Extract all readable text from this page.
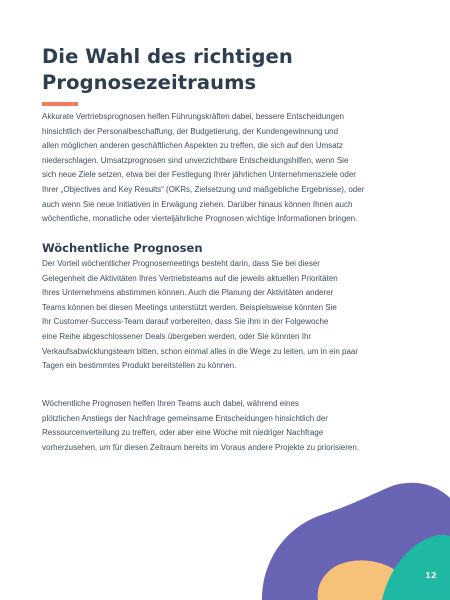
Die Wahl des richtigen
Prognosezeitraums
Akkurate Vertriebsprognosen helfen Führungskräften dabei, bessere Entscheidungen
hinsichtlich der Personalbeschaffung, der Budgetierung, der Kundengewinnung und
allen möglichen anderen geschäftlichen Aspekten zu treffen, die sich auf den Umsatz
niederschlagen. Umsatzprognosen sind unverzichtbare Entscheidungshilfen, wenn Sie
sich neue Ziele setzen, etwa bei der Festlegung Ihrer jährlichen Unternehmensziele oder
Ihrer „Objectives and Key Results“ (OKRs, Zielsetzung und maßgebliche Ergebnisse), oder
auch wenn Sie neue Initiativen in Erwägung ziehen. Darüber hinaus können Ihnen auch
wöchentliche, monatliche oder vierteljährliche Prognosen wichtige Informationen bringen.
Wöchentliche Prognosen
Der Vorteil wöchentlicher Prognosemeetings besteht darin, dass Sie bei dieser
Gelegenheit die Aktivitäten Ihres Vertriebsteams auf die jeweils aktuellen Prioritäten
Ihres Unternehmens abstimmen können. Auch die Planung der Aktivitäten anderer
Teams können bei diesen Meetings unterstützt werden. Beispielsweise könnten Sie
Ihr Customer-Success-Team darauf vorbereiten, dass Sie ihm in der Folgewoche
eine Reihe abgeschlossener Deals übergeben werden, oder Sie könnten Ihr
Verkaufsabwicklungsteam bitten, schon einmal alles in die Wege zu leiten, um in ein paar
Tagen ein bestimmtes Produkt bereitstellen zu können.
Wöchentliche Prognosen helfen Ihren Teams auch dabei, während eines
plötzlichen Anstiegs der Nachfrage gemeinsame Entscheidungen hinsichtlich der
Ressourcenverteilung zu treffen, oder aber eine Woche mit niedriger Nachfrage
vorherzusehen, um für diesen Zeitraum bereits im Voraus andere Projekte zu priorisieren.
12
